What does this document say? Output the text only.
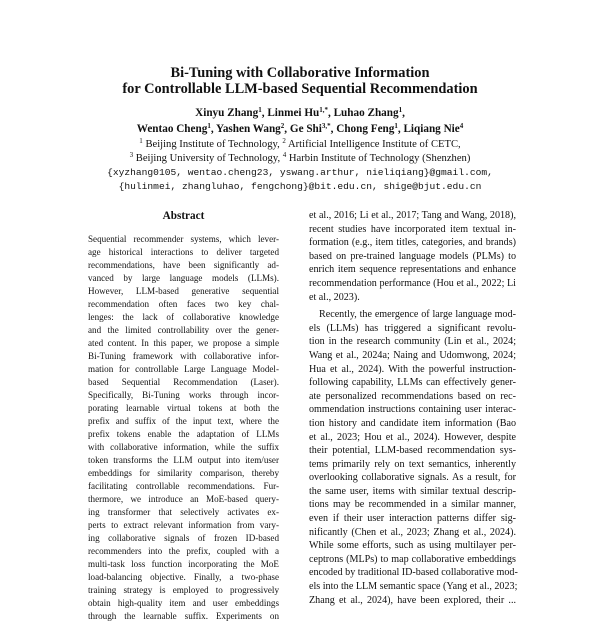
Bi-Tuning with Collaborative Information
for Controllable LLM-based Sequential Recommendation
Xinyu Zhang$^1$, Linmei $Hu^{1,*}$, Luhao Zhang$^1$,
Wentao Cheng$^1$, Yashen Wang$^2$, Ge Shi$^{3,*}$, Chong Feng$^1$, Liqiang Nie$^4$
$^1$ Beijing Institute of Technology, $^2$ Artificial Intelligence Institute of CETC,
$^3$ Beijing University of Technology, $^4$ Harbin Institute of Technology (Shenzhen)
{xyzhang0105, wentao.cheng23, yswang.arthur, nieliqiang}@gmail.com,
{hulinmei, zhangluhao, fengchong}@bit.edu.cn, shige@bjut.edu.cn
Abstract
Sequential recommender systems, which lever-
age historical interactions to deliver targeted
recommendations, have been significantly ad-
vanced by large language models (LLMs).
However, LLM-based generative sequential
recommendation often faces two key chal-
lenges: the lack of collaborative knowledge
and the limited controllability over the gener-
ated content. In this paper, we propose a simple
Bi-Tuning framework with collaborative infor-
mation for controllable Large Language Model-
based Sequential Recommendation (Laser).
Specifically, Bi-Tuning works through incor-
porating learnable virtual tokens at both the
prefix and suffix of the input text, where the
prefix tokens enable the adaptation of LLMs
with collaborative information, while the suffix
token transforms the LLM output into item/user
embeddings for similarity comparison, thereby
facilitating controllable recommendations. Fur-
thermore, we introduce an MoE-based query-
ing transformer that selectively activates ex-
perts to extract relevant information from vary-
ing collaborative signals of frozen ID-based
recommenders into the prefix, coupled with a
multi-task loss function incorporating the MoE
load-balancing objective. Finally, a two-phase
training strategy is employed to progressively
obtain high-quality item and user embeddings
through the learnable suffix. Experiments on
et al., 2016; Li et al., 2017; Tang and Wang, 2018),
recent studies have incorporated item textual in-
formation (e.g., item titles, categories, and brands)
based on pre-trained language models (PLMs) to
enrich item sequence representations and enhance
recommendation performance (Hou et al., 2022; Li
et al., 2023).
Recently, the emergence of large language mod-
els (LLMs) has triggered a significant revolu-
tion in the research community (Lin et al., 2024;
Wang et al., 2024a; Naing and Udomwong, 2024;
Hua et al., 2024). With the powerful instruction-
following capability, LLMs can effectively gener-
ate personalized recommendations based on rec-
ommendation instructions containing user interac-
tion history and candidate item information (Bao
et al., 2023; Hou et al., 2024). However, despite
their potential, LLM-based recommendation sys-
tems primarily rely on text semantics, inherently
overlooking collaborative signals. As a result, for
the same user, items with similar textual descrip-
tions may be recommended in a similar manner,
even if their user interaction patterns differ sig-
nificantly (Chen et al., 2023; Zhang et al., 2024).
While some efforts, such as using multilayer per-
ceptrons (MLPs) to map collaborative embeddings
encoded by traditional ID-based collaborative mod-
els into the LLM semantic space (Yang et al., 2023;
Zhang et al., 2024), have been explored, their ...
